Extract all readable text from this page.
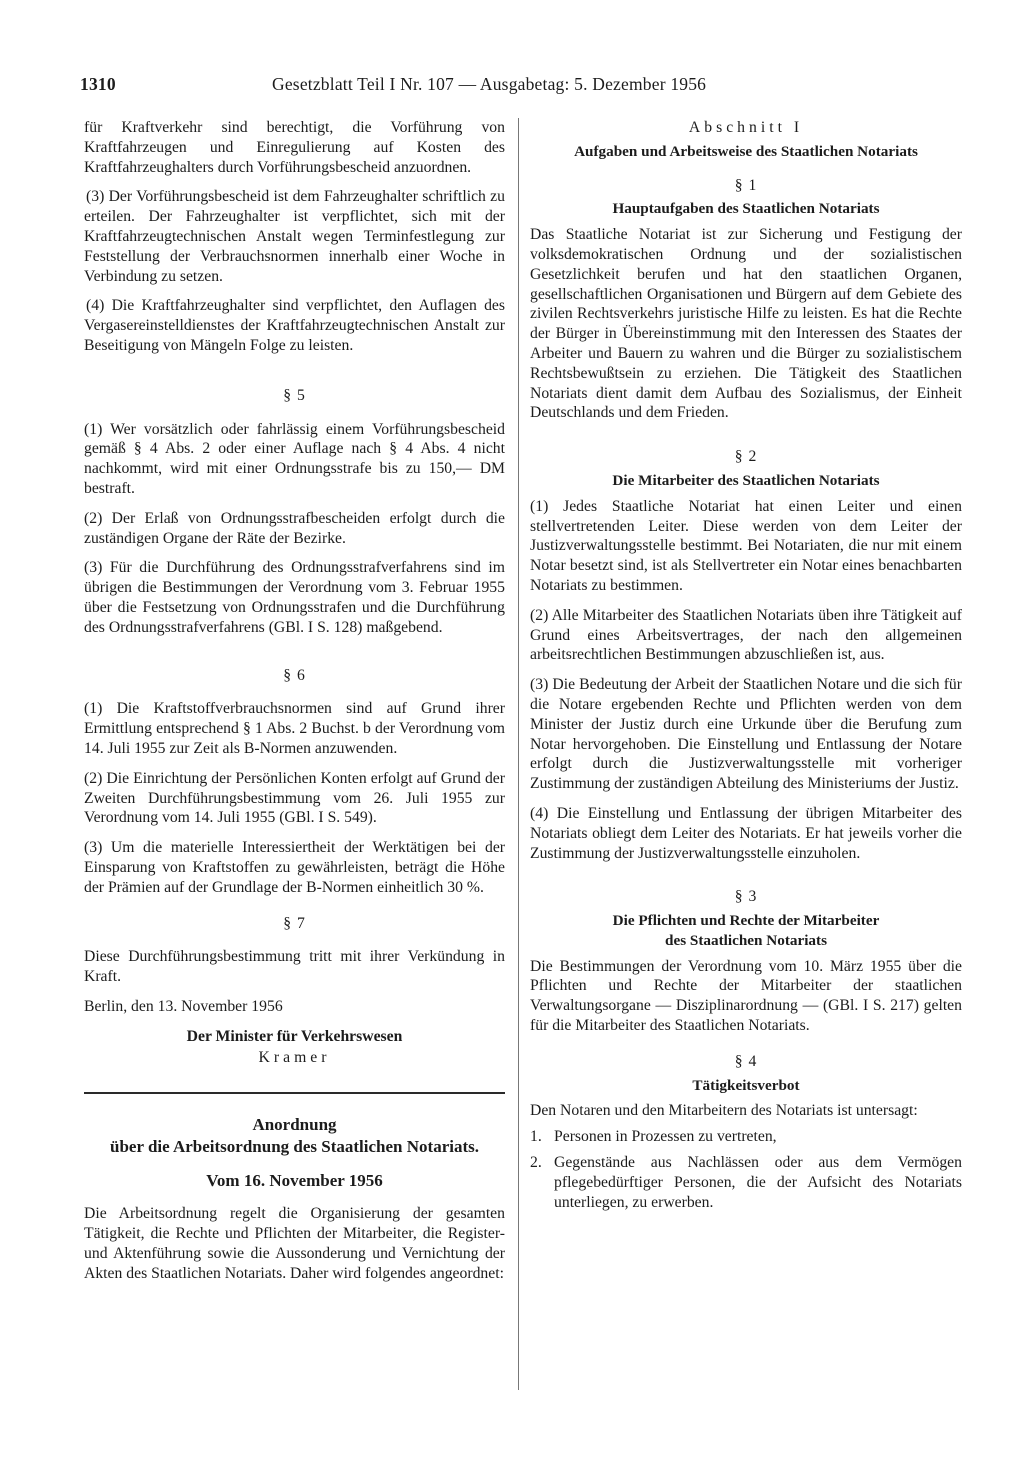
1310	Gesetzblatt Teil I Nr. 107 — Ausgabetag: 5. Dezember 1956

für Kraftverkehr sind berechtigt, die Vorführung von Kraftfahrzeugen und Einregulierung auf Kosten des Kraftfahrzeughalters durch Vorführungsbescheid anzuordnen.

(3) Der Vorführungsbescheid ist dem Fahrzeughalter schriftlich zu erteilen. Der Fahrzeughalter ist verpflichtet, sich mit der Kraftfahrzeugtechnischen Anstalt wegen Terminfestlegung zur Feststellung der Verbrauchsnormen innerhalb einer Woche in Verbindung zu setzen.

(4) Die Kraftfahrzeughalter sind verpflichtet, den Auflagen des Vergasereinstelldienstes der Kraftfahrzeugtechnischen Anstalt zur Beseitigung von Mängeln Folge zu leisten.

§ 5

(1) Wer vorsätzlich oder fahrlässig einem Vorführungsbescheid gemäß § 4 Abs. 2 oder einer Auflage nach § 4 Abs. 4 nicht nachkommt, wird mit einer Ordnungsstrafe bis zu 150,— DM bestraft.

(2) Der Erlaß von Ordnungsstrafbescheiden erfolgt durch die zuständigen Organe der Räte der Bezirke.

(3) Für die Durchführung des Ordnungsstrafverfahrens sind im übrigen die Bestimmungen der Verordnung vom 3. Februar 1955 über die Festsetzung von Ordnungsstrafen und die Durchführung des Ordnungsstrafverfahrens (GBl. I S. 128) maßgebend.

§ 6

(1) Die Kraftstoffverbrauchsnormen sind auf Grund ihrer Ermittlung entsprechend § 1 Abs. 2 Buchst. b der Verordnung vom 14. Juli 1955 zur Zeit als B-Normen anzuwenden.

(2) Die Einrichtung der Persönlichen Konten erfolgt auf Grund der Zweiten Durchführungsbestimmung vom 26. Juli 1955 zur Verordnung vom 14. Juli 1955 (GBl. I S. 549).

(3) Um die materielle Interessiertheit der Werktätigen bei der Einsparung von Kraftstoffen zu gewährleisten, beträgt die Höhe der Prämien auf der Grundlage der B-Normen einheitlich 30 %.

§ 7

Diese Durchführungsbestimmung tritt mit ihrer Verkündung in Kraft.

Berlin, den 13. November 1956

Der Minister für Verkehrswesen

Kramer

Anordnung

über die Arbeitsordnung des Staatlichen Notariats.

Vom 16. November 1956

Die Arbeitsordnung regelt die Organisierung der gesamten Tätigkeit, die Rechte und Pflichten der Mitarbeiter, die Register- und Aktenführung sowie die Aussonderung und Vernichtung der Akten des Staatlichen Notariats. Daher wird folgendes angeordnet:

Abschnitt I
Aufgaben und Arbeitsweise des Staatlichen Notariats
§ 1
Hauptaufgaben des Staatlichen Notariats

Das Staatliche Notariat ist zur Sicherung und Festigung der volksdemokratischen Ordnung und der sozialistischen Gesetzlichkeit berufen und hat den staatlichen Organen, gesellschaftlichen Organisationen und Bürgern auf dem Gebiete des zivilen Rechtsverkehrs juristische Hilfe zu leisten. Es hat die Rechte der Bürger in Übereinstimmung mit den Interessen des Staates der Arbeiter und Bauern zu wahren und die Bürger zu sozialistischem Rechtsbewußtsein zu erziehen. Die Tätigkeit des Staatlichen Notariats dient damit dem Aufbau des Sozialismus, der Einheit Deutschlands und dem Frieden.

§ 2
Die Mitarbeiter des Staatlichen Notariats

(1) Jedes Staatliche Notariat hat einen Leiter und einen stellvertretenden Leiter. Diese werden von dem Leiter der Justizverwaltungsstelle bestimmt. Bei Notariaten, die nur mit einem Notar besetzt sind, ist als Stellvertreter ein Notar eines benachbarten Notariats zu bestimmen.

(2) Alle Mitarbeiter des Staatlichen Notariats üben ihre Tätigkeit auf Grund eines Arbeitsvertrages, der nach den allgemeinen arbeitsrechtlichen Bestimmungen abzuschließen ist, aus.

(3) Die Bedeutung der Arbeit der Staatlichen Notare und die sich für die Notare ergebenden Rechte und Pflichten werden von dem Minister der Justiz durch eine Urkunde über die Berufung zum Notar hervorgehoben. Die Einstellung und Entlassung der Notare erfolgt durch die Justizverwaltungsstelle mit vorheriger Zustimmung der zuständigen Abteilung des Ministeriums der Justiz.

(4) Die Einstellung und Entlassung der übrigen Mitarbeiter des Notariats obliegt dem Leiter des Notariats. Er hat jeweils vorher die Zustimmung der Justizverwaltungsstelle einzuholen.

§ 3
Die Pflichten und Rechte der Mitarbeiter
des Staatlichen Notariats

Die Bestimmungen der Verordnung vom 10. März 1955 über die Pflichten und Rechte der Mitarbeiter der staatlichen Verwaltungsorgane — Disziplinarordnung — (GBl. I S. 217) gelten für die Mitarbeiter des Staatlichen Notariats.

§ 4
Tätigkeitsverbot

Den Notaren und den Mitarbeitern des Notariats ist untersagt:

1. Personen in Prozessen zu vertreten,
2. Gegenstände aus Nachlässen oder aus dem Vermögen pflegebedürftiger Personen, die der Aufsicht des Notariats unterliegen, zu erwerben.
